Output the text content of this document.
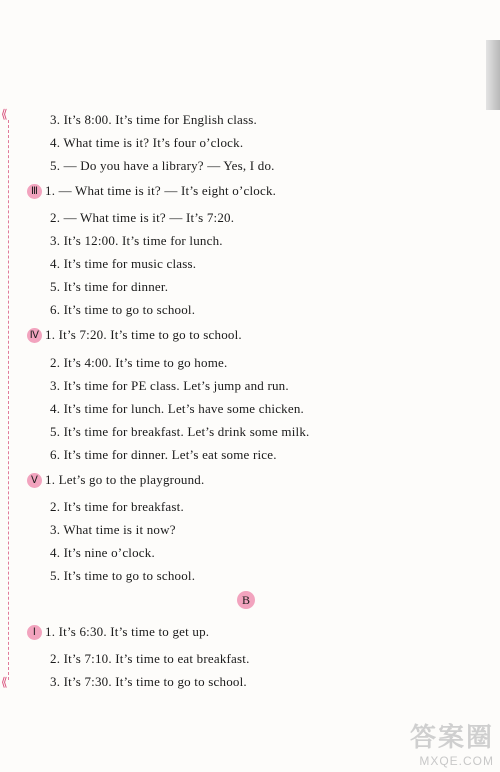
⟪
⟪
3. It’s 8:00. It’s time for English class.
4. What time is it? It’s four o’clock.
5. — Do you have a library? — Yes, I do.
Ⅲ 1. — What time is it? — It’s eight o’clock.
2. — What time is it? — It’s 7:20.
3. It’s 12:00. It’s time for lunch.
4. It’s time for music class.
5. It’s time for dinner.
6. It’s time to go to school.
Ⅳ 1. It’s 7:20. It’s time to go to school.
2. It’s 4:00. It’s time to go home.
3. It’s time for PE class. Let’s jump and run.
4. It’s time for lunch. Let’s have some chicken.
5. It’s time for breakfast. Let’s drink some milk.
6. It’s time for dinner. Let’s eat some rice.
Ⅴ 1. Let’s go to the playground.
2. It’s time for breakfast.
3. What time is it now?
4. It’s nine o’clock.
5. It’s time to go to school.
Ⅰ 1. It’s 6:30. It’s time to get up.
2. It’s 7:10. It’s time to eat breakfast.
3. It’s 7:30. It’s time to go to school.
B
答案圈
MXQE.COM
